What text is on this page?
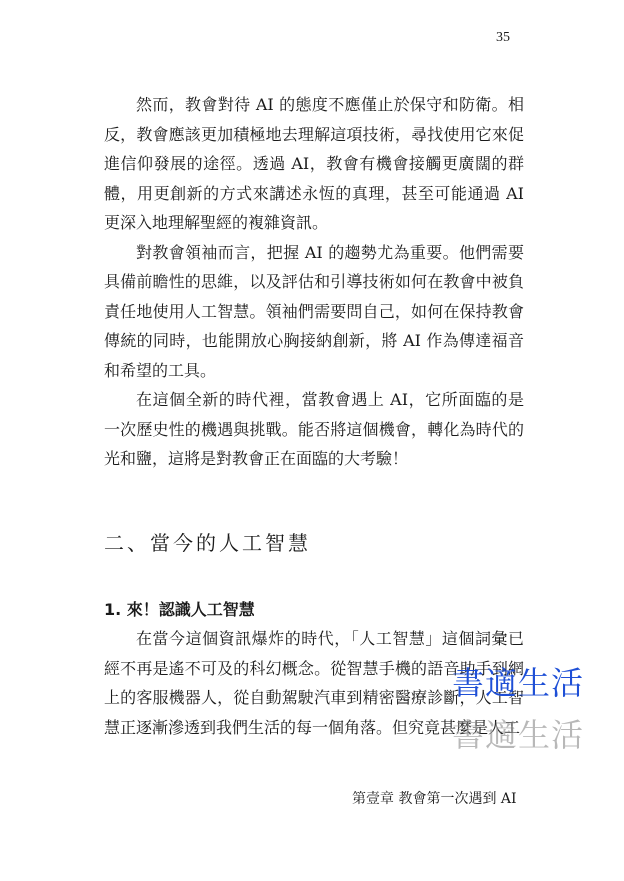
35

然而，教會對待 AI 的態度不應僅止於保守和防衛。相反，教會應該更加積極地去理解這項技術，尋找使用它來促進信仰發展的途徑。透過 AI，教會有機會接觸更廣闊的群體，用更創新的方式來講述永恆的真理，甚至可能通過 AI 更深入地理解聖經的複雜資訊。

對教會領袖而言，把握 AI 的趨勢尤為重要。他們需要具備前瞻性的思維，以及評估和引導技術如何在教會中被負責任地使用人工智慧。領袖們需要問自己，如何在保持教會傳統的同時，也能開放心胸接納創新，將 AI 作為傳達福音和希望的工具。

在這個全新的時代裡，當教會遇上 AI，它所面臨的是一次歷史性的機遇與挑戰。能否將這個機會，轉化為時代的光和鹽，這將是對教會正在面臨的大考驗！

二、當今的人工智慧
1. 來！認識人工智慧

在當今這個資訊爆炸的時代，「人工智慧」這個詞彙已經不再是遙不可及的科幻概念。從智慧手機的語音助手到網上的客服機器人，從自動駕駛汽車到精密醫療診斷，人工智慧正逐漸滲透到我們生活的每一個角落。但究竟甚麼是人工

書適生活
書適生活
第壹章 教會第一次遇到 AI
